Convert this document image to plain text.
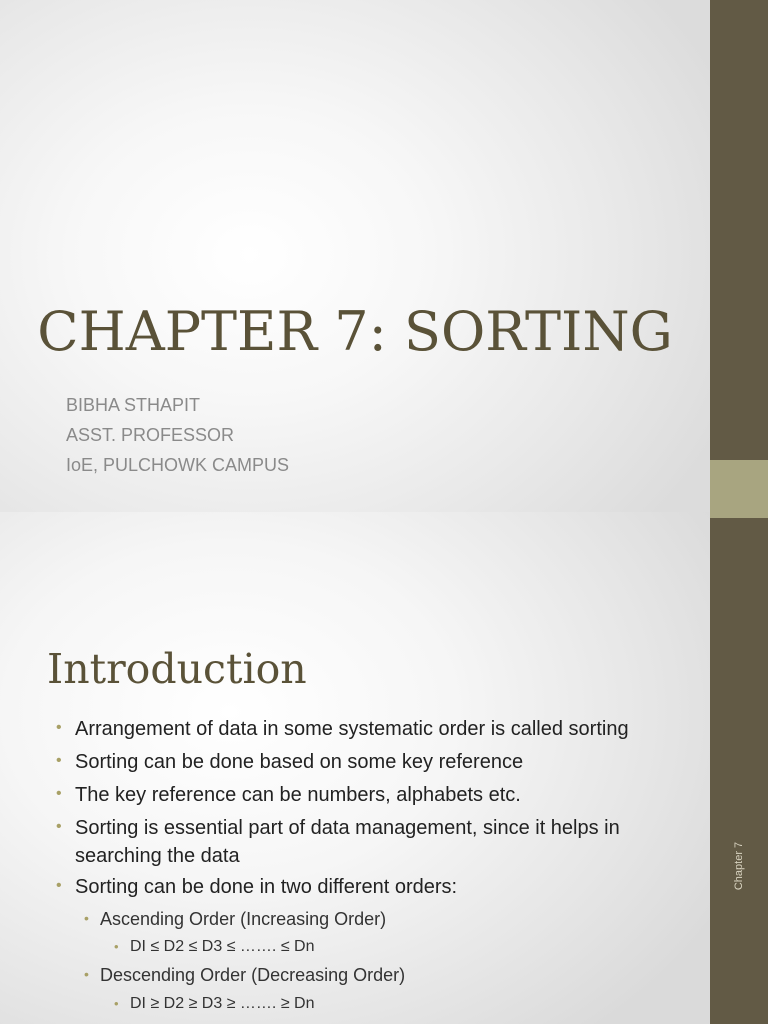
CHAPTER 7: SORTING
BIBHA STHAPIT
ASST. PROFESSOR
IoE, PULCHOWK CAMPUS
Introduction
• Arrangement of data in some systematic order is called sorting
• Sorting can be done based on some key reference
• The key reference can be numbers, alphabets etc.
• Sorting is essential part of data management, since it helps in
searching the data
• Sorting can be done in two different orders:
• Ascending Order (Increasing Order)
• DI ≤ D2 ≤ D3 ≤ ……. ≤ Dn
• Descending Order (Decreasing Order)
• DI ≥ D2 ≥ D3 ≥ ……. ≥ Dn
Chapter 7
